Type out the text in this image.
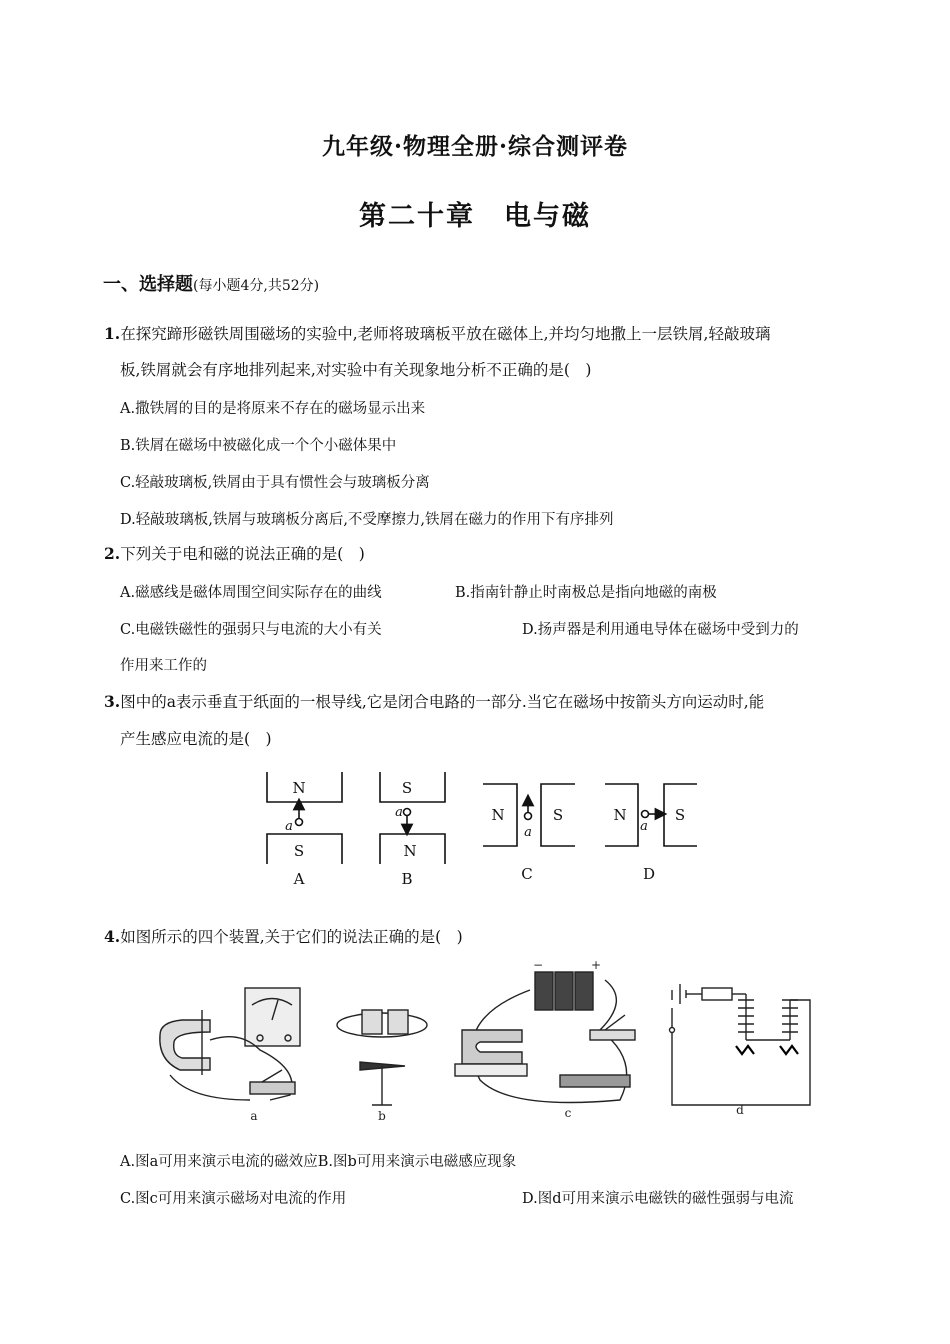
九年级·物理全册·综合测评卷
第二十章　电与磁
一、选择题(每小题4分,共52分)
1.在探究蹄形磁铁周围磁场的实验中,老师将玻璃板平放在磁体上,并均匀地撒上一层铁屑,轻敲玻璃
板,铁屑就会有序地排列起来,对实验中有关现象地分析不正确的是(　)
A.撒铁屑的目的是将原来不存在的磁场显示出来
B.铁屑在磁场中被磁化成一个个小磁体果中
C.轻敲玻璃板,铁屑由于具有惯性会与玻璃板分离
D.轻敲玻璃板,铁屑与玻璃板分离后,不受摩擦力,铁屑在磁力的作用下有序排列
2.下列关于电和磁的说法正确的是(　)
A.磁感线是磁体周围空间实际存在的曲线	B.指南针静止时南极总是指向地磁的南极
C.电磁铁磁性的强弱只与电流的大小有关	D.扬声器是利用通电导体在磁场中受到力的
作用来工作的
3.图中的a表示垂直于纸面的一根导线,它是闭合电路的一部分.当它在磁场中按箭头方向运动时,能
产生感应电流的是(　)
N
S
a
A
S
N
a
B
N	S
a
C
N	S
a
D
4.如图所示的四个装置,关于它们的说法正确的是(　)
a	b	c	d
−	+
A.图a可用来演示电流的磁效应B.图b可用来演示电磁感应现象
C.图c可用来演示磁场对电流的作用	D.图d可用来演示电磁铁的磁性强弱与电流
